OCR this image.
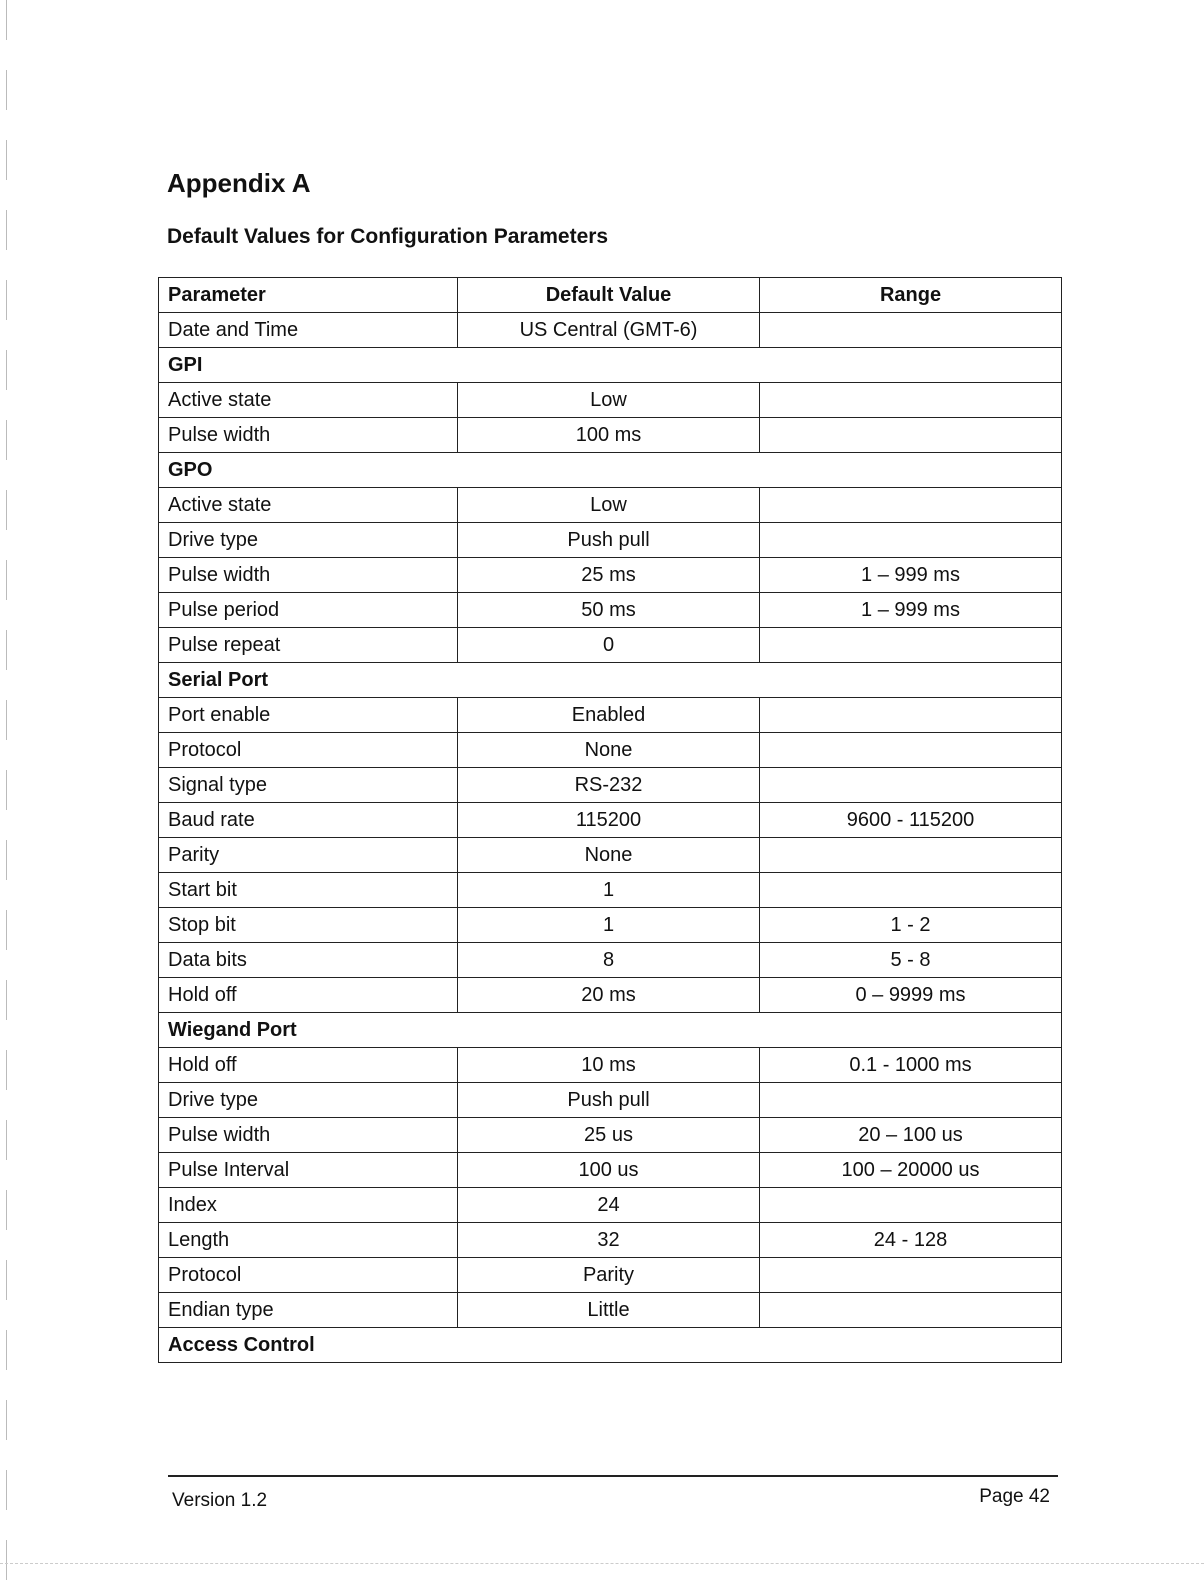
Appendix A
Default Values for Configuration Parameters
Parameter	Default Value	Range
Date and Time	US Central (GMT-6)	
GPI		
Active state	Low	
Pulse width	100 ms	
GPO		
Active state	Low	
Drive type	Push pull	
Pulse width	25 ms	1 – 999 ms
Pulse period	50 ms	1 – 999 ms
Pulse repeat	0	
Serial Port		
Port enable	Enabled	
Protocol	None	
Signal type	RS-232	
Baud rate	115200	9600 - 115200
Parity	None	
Start bit	1	
Stop bit	1	1 - 2
Data bits	8	5 - 8
Hold off	20 ms	0 – 9999 ms
Wiegand Port		
Hold off	10 ms	0.1 - 1000 ms
Drive type	Push pull	
Pulse width	25 us	20 – 100 us
Pulse Interval	100 us	100 – 20000 us
Index	24	
Length	32	24 - 128
Protocol	Parity	
Endian type	Little	
Access Control		
Version 1.2	Page 42
